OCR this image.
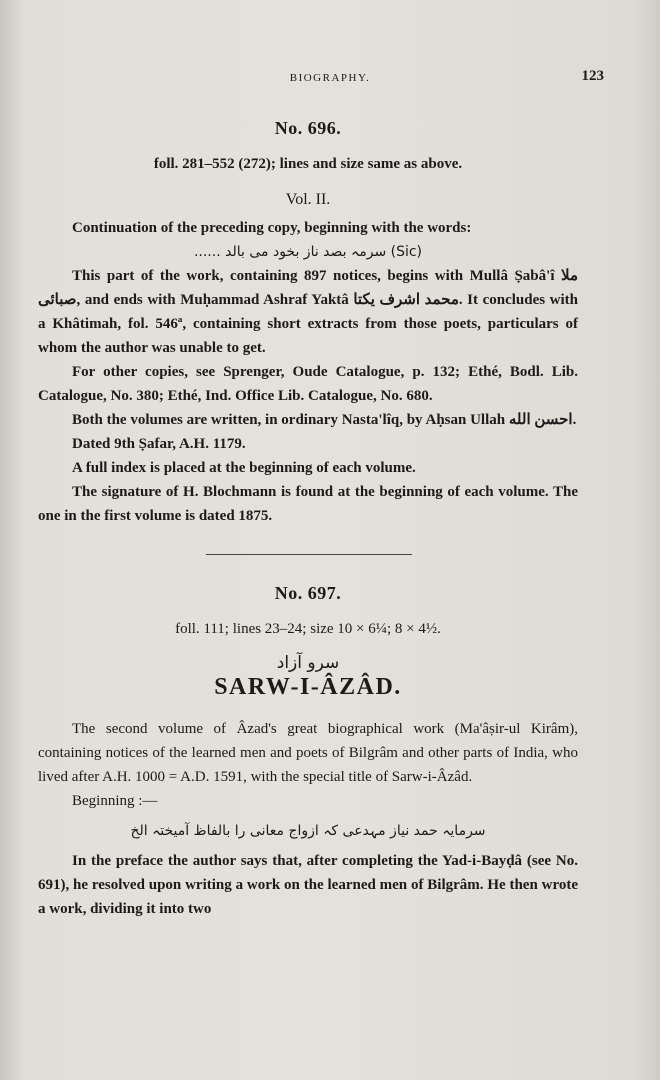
BIOGRAPHY.	123
No. 696.
foll. 281–552 (272); lines and size same as above.
Vol. II.

Continuation of the preceding copy, beginning with the words:

...... سرمہ بصد ناز بخود می بالد (Sic)

This part of the work, containing 897 notices, begins with Mullâ Ṣabâ'î ملا صبائی, and ends with Muḥammad Ashraf Yaktâ محمد اشرف یکتا. It concludes with a Khâtimah, fol. 546ª, containing short extracts from those poets, particulars of whom the author was unable to get.

For other copies, see Sprenger, Oude Catalogue, p. 132; Ethé, Bodl. Lib. Catalogue, No. 380; Ethé, Ind. Office Lib. Catalogue, No. 680.

Both the volumes are written, in ordinary Nasta'lîq, by Aḥsan Ullah احسن الله.

Dated 9th Ṣafar, A.H. 1179.

A full index is placed at the beginning of each volume.

The signature of H. Blochmann is found at the beginning of each volume. The one in the first volume is dated 1875.

No. 697.
foll. 111; lines 23–24; size 10 × 6¼; 8 × 4½.
سرو آزاد
SARW-I-ÂZÂD.

The second volume of Âzad's great biographical work (Ma'âṣir-ul Kirâm), containing notices of the learned men and poets of Bilgrâm and other parts of India, who lived after A.H. 1000 = A.D. 1591, with the special title of Sarw-i-Âzâd.

Beginning :—

سرمایہ حمد نیاز مہدعی کہ ازواج معانی را بالفاظ آمیختہ الخ

In the preface the author says that, after completing the Yad-i-Bayḍâ (see No. 691), he resolved upon writing a work on the learned men of Bilgrâm. He then wrote a work, dividing it into two
